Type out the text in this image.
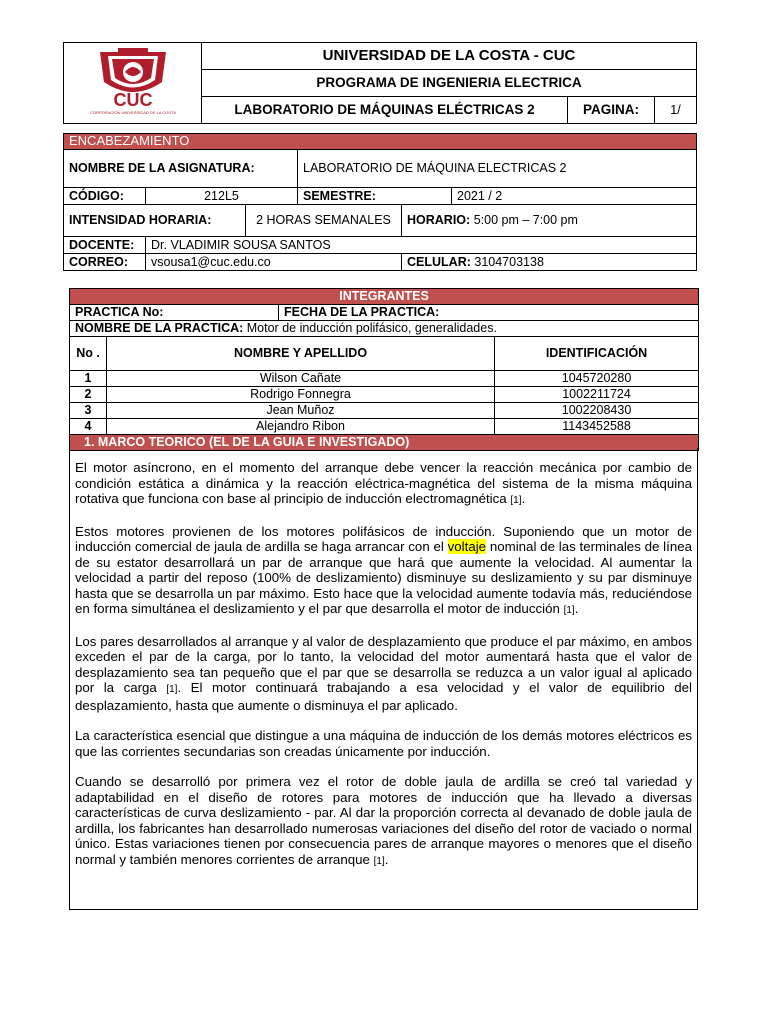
CUC
CORPORACIÓN UNIVERSIDAD DE LA COSTA	UNIVERSIDAD DE LA COSTA - CUC		
	PROGRAMA DE INGENIERIA ELECTRICA		
	LABORATORIO DE MÁQUINAS ELÉCTRICAS 2	PAGINA:	1/
ENCABEZAMIENTO					
NOMBRE DE LA ASIGNATURA:			LABORATORIO DE MÁQUINA ELECTRICAS 2		
CÓDIGO:	212L5		SEMESTRE:		2021 / 2
INTENSIDAD HORARIA:		2 HORAS SEMANALES		HORARIO: 5:00 pm – 7:00 pm	
DOCENTE:	Dr. VLADIMIR SOUSA SANTOS				
CORREO:	vsousa1@cuc.edu.co			CELULAR: 3104703138	
INTEGRANTES			
PRACTICA No:		FECHA DE LA PRACTICA:	
NOMBRE DE LA PRACTICA: Motor de inducción polifásico, generalidades.			
No .	NOMBRE Y APELLIDO		IDENTIFICACIÓN
1	Wilson Cañate		1045720280
2	Rodrigo Fonnegra		1002211724
3	Jean Muñoz		1002208430
4	Alejandro Ribon		1143452588
1. MARCO TEORICO (EL DE LA GUIA E INVESTIGADO)			

El motor asíncrono, en el momento del arranque debe vencer la reacción mecánica por cambio de condición estática a dinámica y la reacción eléctrica-magnética del sistema de la misma máquina rotativa que funciona con base al principio de inducción electromagnética [1].

Estos motores provienen de los motores polifásicos de inducción. Suponiendo que un motor de inducción comercial de jaula de ardilla se haga arrancar con el voltaje nominal de las terminales de línea de su estator desarrollará un par de arranque que hará que aumente la velocidad. Al aumentar la velocidad a partir del reposo (100% de deslizamiento) disminuye su deslizamiento y su par disminuye hasta que se desarrolla un par máximo. Esto hace que la velocidad aumente todavía más, reduciéndose en forma simultánea el deslizamiento y el par que desarrolla el motor de inducción [1].

Los pares desarrollados al arranque y al valor de desplazamiento que produce el par máximo, en ambos exceden el par de la carga, por lo tanto, la velocidad del motor aumentará hasta que el valor de desplazamiento sea tan pequeño que el par que se desarrolla se reduzca a un valor igual al aplicado por la carga [1]. El motor continuará trabajando a esa velocidad y el valor de equilibrio del desplazamiento, hasta que aumente o disminuya el par aplicado.

La característica esencial que distingue a una máquina de inducción de los demás motores eléctricos es que las corrientes secundarias son creadas únicamente por inducción.

Cuando se desarrolló por primera vez el rotor de doble jaula de ardilla se creó tal variedad y adaptabilidad en el diseño de rotores para motores de inducción que ha llevado a diversas características de curva deslizamiento - par. Al dar la proporción correcta al devanado de doble jaula de ardilla, los fabricantes han desarrollado numerosas variaciones del diseño del rotor de vaciado o normal único. Estas variaciones tienen por consecuencia pares de arranque mayores o menores que el diseño normal y también menores corrientes de arranque [1].
